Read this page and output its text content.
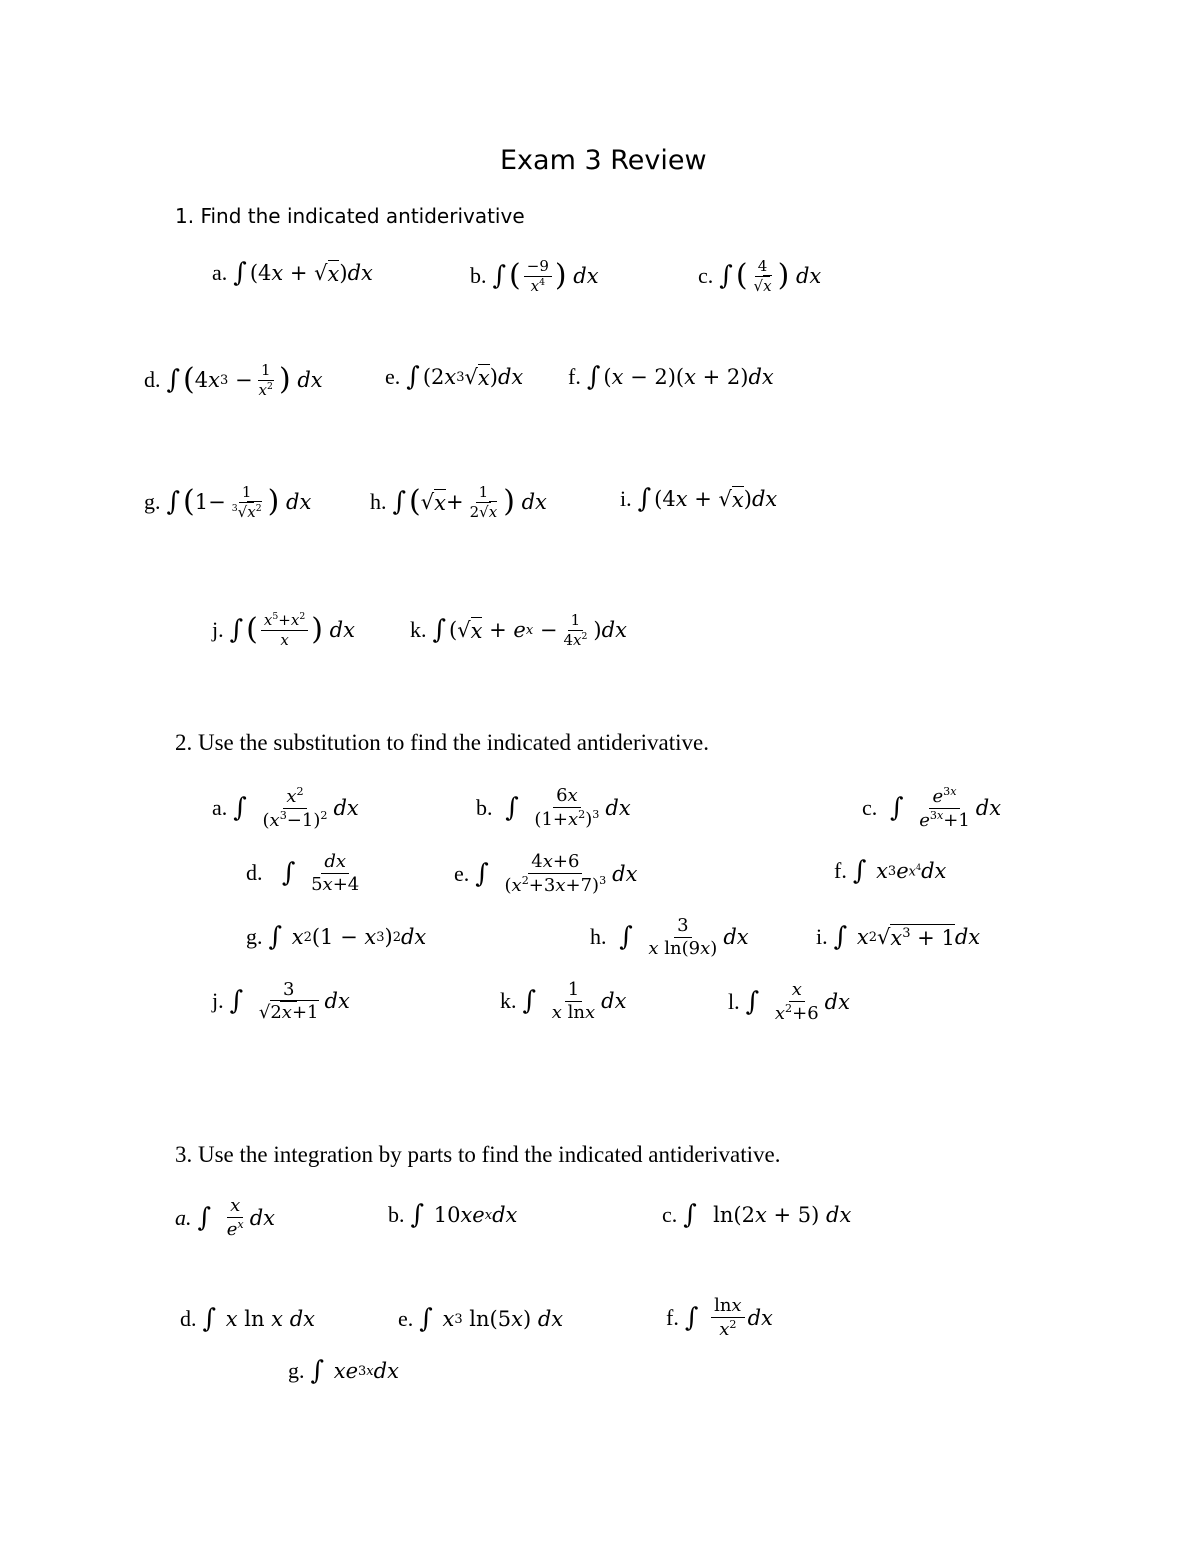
Exam 3 Review
1. Find the indicated antiderivative
a. ∫ (4 x + √ x ) dx	b. ∫ ( $\frac{-9}{x^4}$ )
dx	c. ∫ ( $\frac{4}{√x}$ )
dx
d. ∫ ( 4 x $3 - \frac{1}{x^2}$ )
dx	e. ∫ (2 x 3 √ x ) dx f. ∫ ( x − 2)( x + 2) dx
g. ∫ ( $1- \frac{1}{^3√x^2}$ )
dx	h. ∫ ( √ $x + \frac{1}{2√x}$ )
dx	i. ∫ (4 x + √ x ) dx
j. ∫ ( $\frac{x^5+x^2}{x}$ )
dx	k. ∫ (√ x + e $x - \frac{1}{4x^2}$ ) dx
2. Use the substitution to find the indicated antiderivative.
a. ∫
$\frac{x^2}{(x^3-1)^2}$ dx	b.
∫
$\frac{6x}{(1+x^2)^3}$ dx	c.
∫
$\frac{e^{3x}}{e^{3x}+1}$ dx
d.
∫
$\frac{dx}{5x+4}$	e. ∫
$\frac{4x+6}{(x^2+3x+7)^3}$ dx	f. ∫
x 3 e $x^4$ dx
g. ∫
x 2 (1 − x 3 ) 2 dx	h.
∫
$\frac{3}{\text{x ln(9x)}}$ dx	i. ∫
x 2 √ $x^3 + 1$ dx
j. ∫
$\frac{3}{√2x+1}$ dx	k. ∫
$\frac{1}{\text{x lnx}}$ dx	l. ∫
$\frac{x}{x^2+6}$ dx
3. Use the integration by parts to find the indicated antiderivative.
a. ∫
$\frac{x}{e^x}$ dx	b. ∫ 10 xe x dx	c. ∫ ln(2 x + 5) dx
d. ∫
x ln x
dx	e. ∫
x 3 ln(5 x ) dx	f. ∫
$\frac{\ln x}{x^2}$ dx
g. ∫
xe 3x dx
